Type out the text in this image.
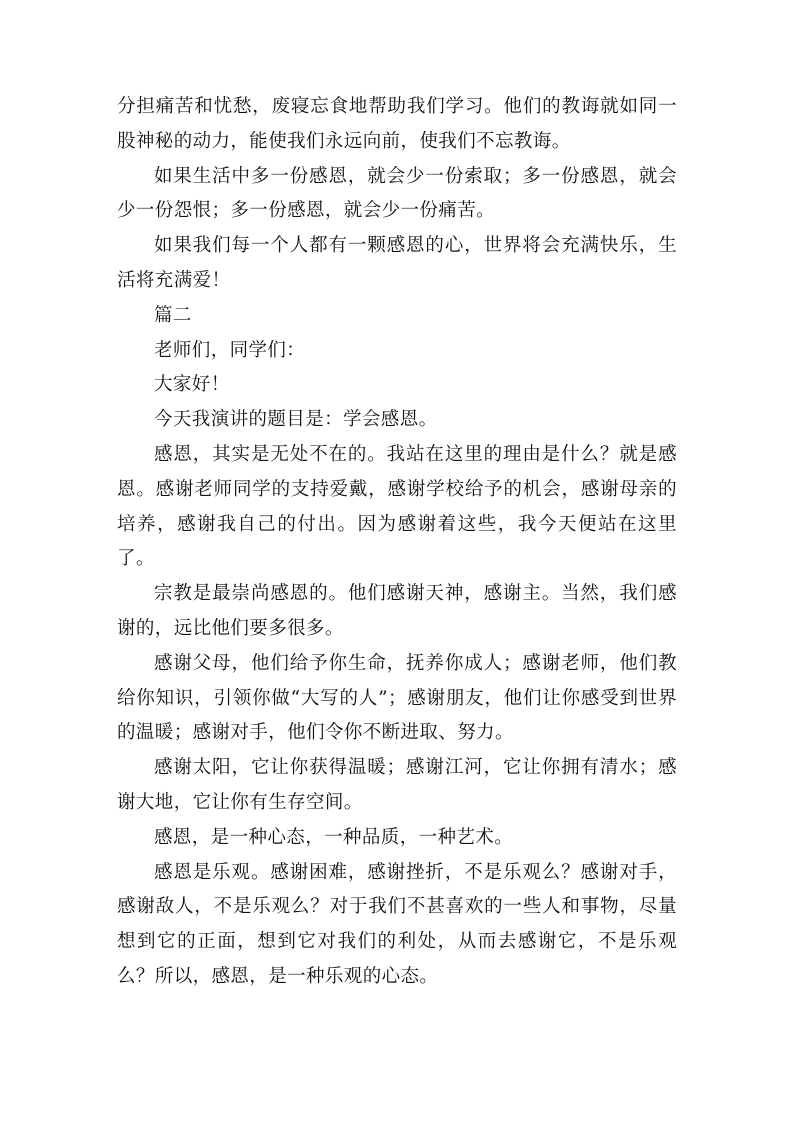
分担痛苦和忧愁，废寝忘食地帮助我们学习。他们的教诲就如同一股神秘的动力，能使我们永远向前，使我们不忘教诲。

如果生活中多一份感恩，就会少一份索取；多一份感恩，就会少一份怨恨；多一份感恩，就会少一份痛苦。

如果我们每一个人都有一颗感恩的心，世界将会充满快乐，生活将充满爱！

篇二

老师们，同学们：

大家好！

今天我演讲的题目是：学会感恩。

感恩，其实是无处不在的。我站在这里的理由是什么？就是感恩。感谢老师同学的支持爱戴，感谢学校给予的机会，感谢母亲的培养，感谢我自己的付出。因为感谢着这些，我今天便站在这里了。

宗教是最崇尚感恩的。他们感谢天神，感谢主。当然，我们感谢的，远比他们要多很多。

感谢父母，他们给予你生命，抚养你成人；感谢老师，他们教给你知识，引领你做“大写的人”；感谢朋友，他们让你感受到世界的温暖；感谢对手，他们令你不断进取、努力。

感谢太阳，它让你获得温暖；感谢江河，它让你拥有清水；感谢大地，它让你有生存空间。

感恩，是一种心态，一种品质，一种艺术。

感恩是乐观。感谢困难，感谢挫折，不是乐观么？感谢对手，感谢敌人，不是乐观么？对于我们不甚喜欢的一些人和事物，尽量想到它的正面，想到它对我们的利处，从而去感谢它，不是乐观么？所以，感恩，是一种乐观的心态。
